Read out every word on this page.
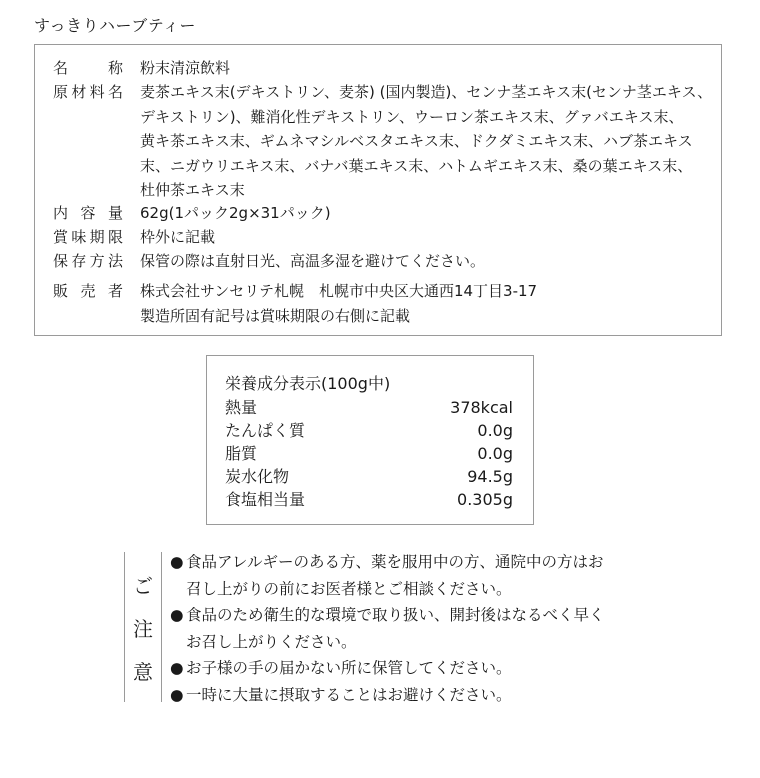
すっきりハーブティー
名称 粉末清涼飲料
原材料名 麦茶エキス末(デキストリン、麦茶) (国内製造)、センナ茎エキス末(センナ茎エキス、
デキストリン)、難消化性デキストリン、ウーロン茶エキス末、グァバエキス末、
黄キ茶エキス末、ギムネマシルベスタエキス末、ドクダミエキス末、ハブ茶エキス
末、ニガウリエキス末、バナバ葉エキス末、ハトムギエキス末、桑の葉エキス末、
杜仲茶エキス末
内容量 62g(1パック2g×31パック)
賞味期限 枠外に記載
保存方法 保管の際は直射日光、高温多湿を避けてください。
販売者 株式会社サンセリテ札幌　札幌市中央区大通西14丁目3-17
製造所固有記号は賞味期限の右側に記載
栄養成分表示(100g中)
熱量	378kcal
たんぱく質	0.0g
脂質	0.0g
炭水化物	94.5g
食塩相当量	0.305g
ご
注
意
● 食品アレルギーのある方、薬を服用中の方、通院中の方はお
召し上がりの前にお医者様とご相談ください。
● 食品のため衛生的な環境で取り扱い、開封後はなるべく早く
お召し上がりください。
● お子様の手の届かない所に保管してください。
● 一時に大量に摂取することはお避けください。
